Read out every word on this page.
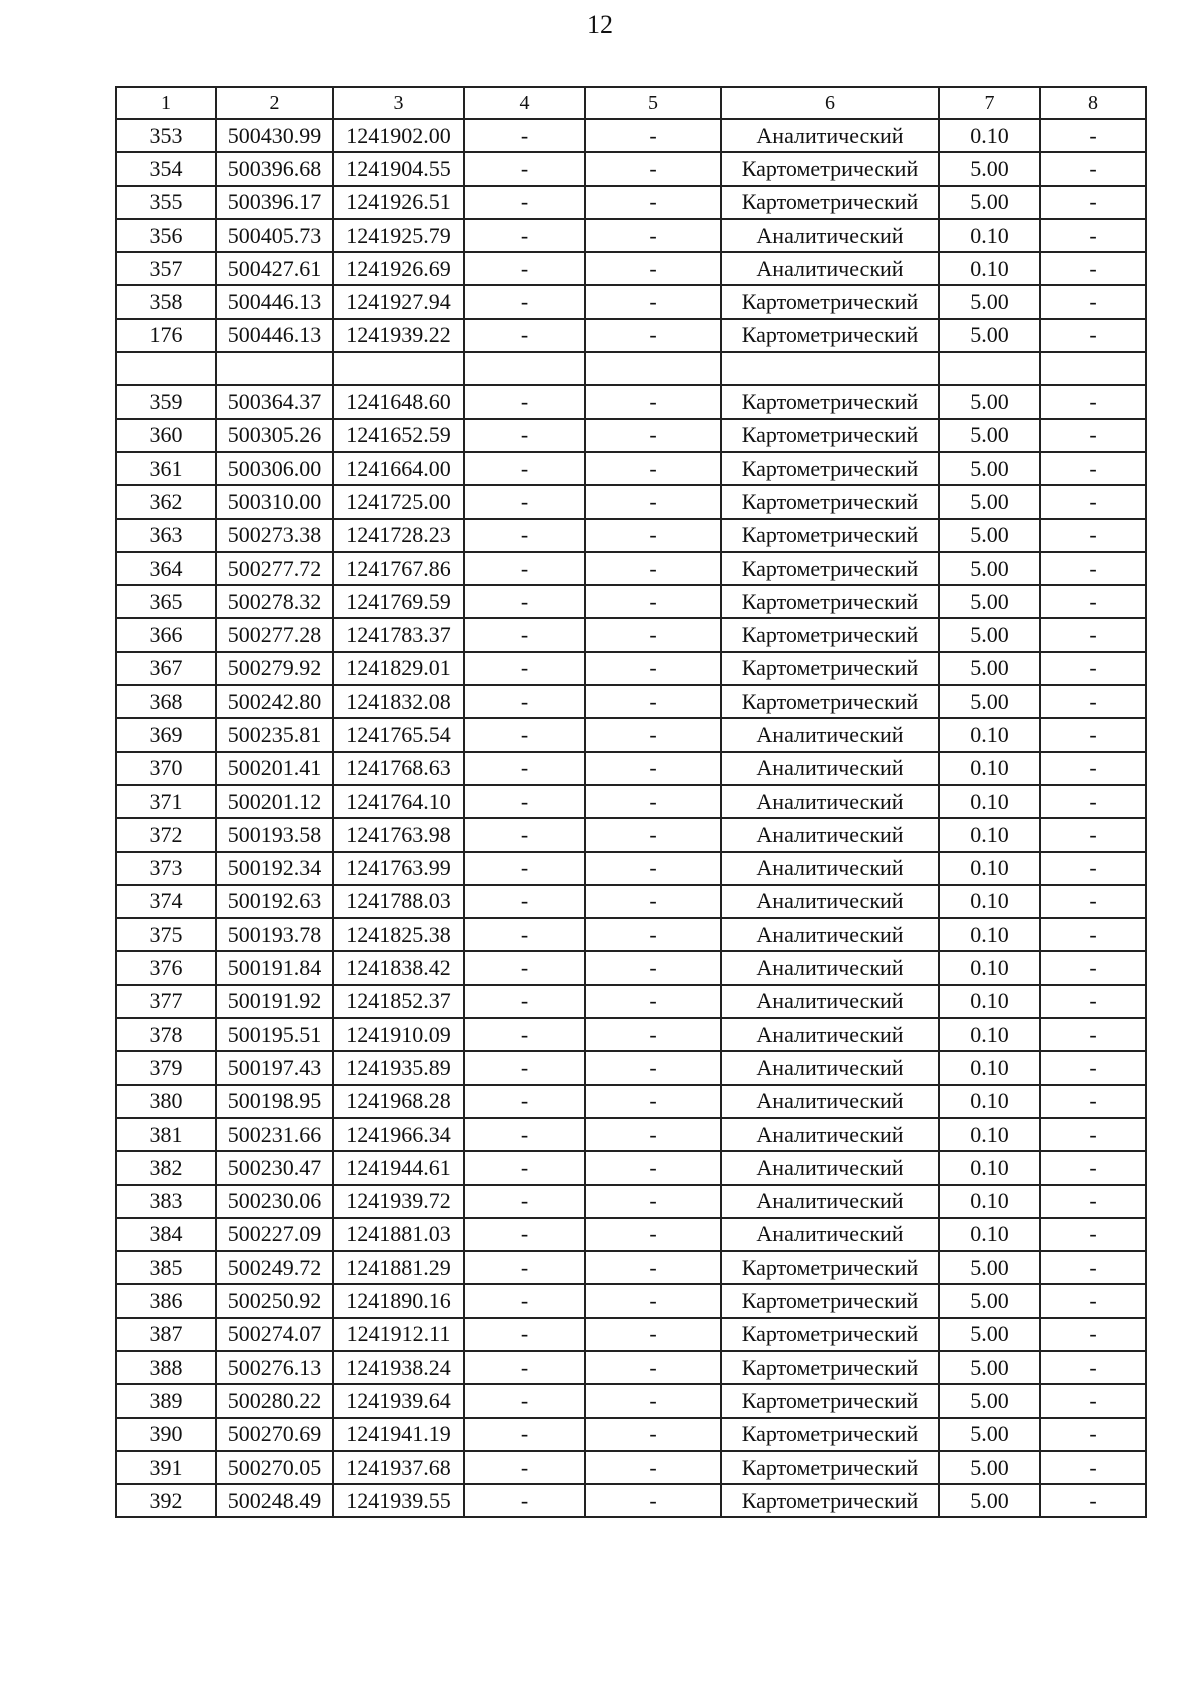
12
1	2	3	4	5	6	7	8
353	500430.99	1241902.00	-	-	Аналитический	0.10	-
354	500396.68	1241904.55	-	-	Картометрический	5.00	-
355	500396.17	1241926.51	-	-	Картометрический	5.00	-
356	500405.73	1241925.79	-	-	Аналитический	0.10	-
357	500427.61	1241926.69	-	-	Аналитический	0.10	-
358	500446.13	1241927.94	-	-	Картометрический	5.00	-
176	500446.13	1241939.22	-	-	Картометрический	5.00	-

359	500364.37	1241648.60	-	-	Картометрический	5.00	-
360	500305.26	1241652.59	-	-	Картометрический	5.00	-
361	500306.00	1241664.00	-	-	Картометрический	5.00	-
362	500310.00	1241725.00	-	-	Картометрический	5.00	-
363	500273.38	1241728.23	-	-	Картометрический	5.00	-
364	500277.72	1241767.86	-	-	Картометрический	5.00	-
365	500278.32	1241769.59	-	-	Картометрический	5.00	-
366	500277.28	1241783.37	-	-	Картометрический	5.00	-
367	500279.92	1241829.01	-	-	Картометрический	5.00	-
368	500242.80	1241832.08	-	-	Картометрический	5.00	-
369	500235.81	1241765.54	-	-	Аналитический	0.10	-
370	500201.41	1241768.63	-	-	Аналитический	0.10	-
371	500201.12	1241764.10	-	-	Аналитический	0.10	-
372	500193.58	1241763.98	-	-	Аналитический	0.10	-
373	500192.34	1241763.99	-	-	Аналитический	0.10	-
374	500192.63	1241788.03	-	-	Аналитический	0.10	-
375	500193.78	1241825.38	-	-	Аналитический	0.10	-
376	500191.84	1241838.42	-	-	Аналитический	0.10	-
377	500191.92	1241852.37	-	-	Аналитический	0.10	-
378	500195.51	1241910.09	-	-	Аналитический	0.10	-
379	500197.43	1241935.89	-	-	Аналитический	0.10	-
380	500198.95	1241968.28	-	-	Аналитический	0.10	-
381	500231.66	1241966.34	-	-	Аналитический	0.10	-
382	500230.47	1241944.61	-	-	Аналитический	0.10	-
383	500230.06	1241939.72	-	-	Аналитический	0.10	-
384	500227.09	1241881.03	-	-	Аналитический	0.10	-
385	500249.72	1241881.29	-	-	Картометрический	5.00	-
386	500250.92	1241890.16	-	-	Картометрический	5.00	-
387	500274.07	1241912.11	-	-	Картометрический	5.00	-
388	500276.13	1241938.24	-	-	Картометрический	5.00	-
389	500280.22	1241939.64	-	-	Картометрический	5.00	-
390	500270.69	1241941.19	-	-	Картометрический	5.00	-
391	500270.05	1241937.68	-	-	Картометрический	5.00	-
392	500248.49	1241939.55	-	-	Картометрический	5.00	-
